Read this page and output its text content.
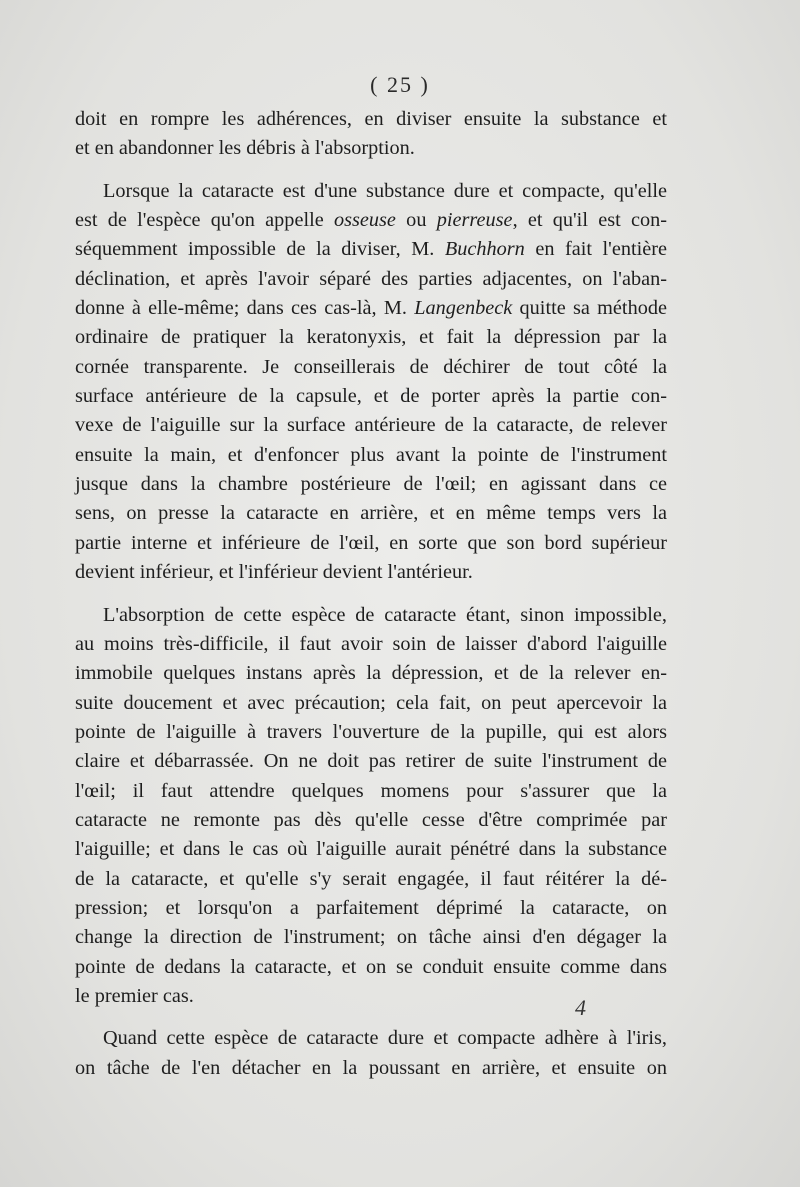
( 25 )
doit en rompre les adhérences, en diviser ensuite la substance et
et en abandonner les débris à l'absorption.
Lorsque la cataracte est d'une substance dure et compacte, qu'elle
est de l'espèce qu'on appelle osseuse ou pierreuse, et qu'il est con-
séquemment impossible de la diviser, M. Buchhorn en fait l'entière
déclination, et après l'avoir séparé des parties adjacentes, on l'aban-
donne à elle-même; dans ces cas-là, M. Langenbeck quitte sa méthode
ordinaire de pratiquer la keratonyxis, et fait la dépression par la
cornée transparente. Je conseillerais de déchirer de tout côté la
surface antérieure de la capsule, et de porter après la partie con-
vexe de l'aiguille sur la surface antérieure de la cataracte, de relever
ensuite la main, et d'enfoncer plus avant la pointe de l'instrument
jusque dans la chambre postérieure de l'œil; en agissant dans ce
sens, on presse la cataracte en arrière, et en même temps vers la
partie interne et inférieure de l'œil, en sorte que son bord supérieur
devient inférieur, et l'inférieur devient l'antérieur.
L'absorption de cette espèce de cataracte étant, sinon impossible,
au moins très-difficile, il faut avoir soin de laisser d'abord l'aiguille
immobile quelques instans après la dépression, et de la relever en-
suite doucement et avec précaution; cela fait, on peut apercevoir la
pointe de l'aiguille à travers l'ouverture de la pupille, qui est alors
claire et débarrassée. On ne doit pas retirer de suite l'instrument de
l'œil; il faut attendre quelques momens pour s'assurer que la
cataracte ne remonte pas dès qu'elle cesse d'être comprimée par
l'aiguille; et dans le cas où l'aiguille aurait pénétré dans la substance
de la cataracte, et qu'elle s'y serait engagée, il faut réitérer la dé-
pression; et lorsqu'on a parfaitement déprimé la cataracte, on
change la direction de l'instrument; on tâche ainsi d'en dégager la
pointe de dedans la cataracte, et on se conduit ensuite comme dans
le premier cas.
Quand cette espèce de cataracte dure et compacte adhère à l'iris,
on tâche de l'en détacher en la poussant en arrière, et ensuite on
4
